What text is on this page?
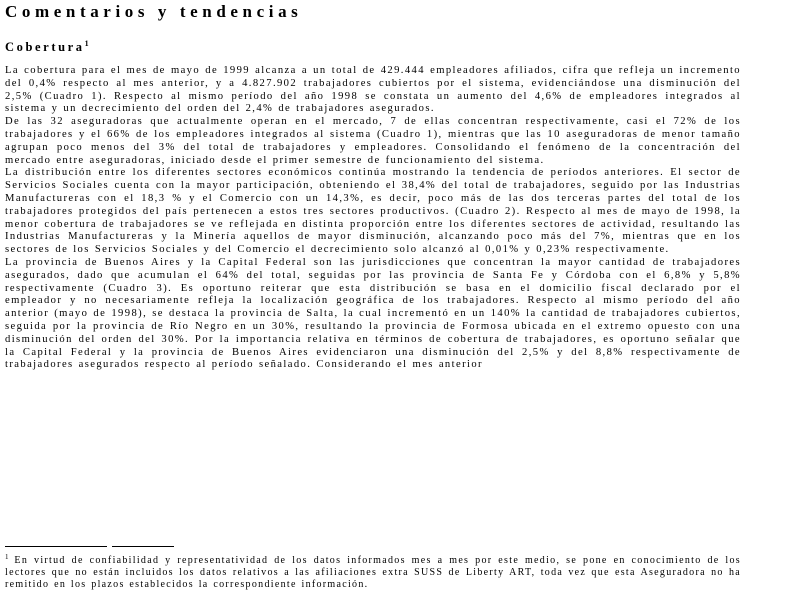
Comentarios y tendencias
Cobertura$^1$

La cobertura para el mes de mayo de 1999 alcanza a un total de 429.444 empleadores afiliados, cifra que refleja un incremento del 0,4% respecto al mes anterior, y a 4.827.902 trabajadores cubiertos por el sistema, evidenciándose una disminución del 2,5% (Cuadro 1). Respecto al mismo período del año 1998 se constata un aumento del 4,6% de empleadores integrados al sistema y un decrecimiento del orden del 2,4% de trabajadores asegurados.

De las 32 aseguradoras que actualmente operan en el mercado, 7 de ellas concentran respectivamente, casi el 72% de los trabajadores y el 66% de los empleadores integrados al sistema (Cuadro 1), mientras que las 10 aseguradoras de menor tamaño agrupan poco menos del 3% del total de trabajadores y empleadores. Consolidando el fenómeno de la concentración del mercado entre aseguradoras, iniciado desde el primer semestre de funcionamiento del sistema.

La distribución entre los diferentes sectores económicos continúa mostrando la tendencia de períodos anteriores. El sector de Servicios Sociales cuenta con la mayor participación, obteniendo el 38,4% del total de trabajadores, seguido por las Industrias Manufactureras con el 18,3 % y el Comercio con un 14,3%, es decir, poco más de las dos terceras partes del total de los trabajadores protegidos del país pertenecen a estos tres sectores productivos. (Cuadro 2). Respecto al mes de mayo de 1998, la menor cobertura de trabajadores se ve reflejada en distinta proporción entre los diferentes sectores de actividad, resultando las Industrias Manufactureras y la Minería aquellos de mayor disminución, alcanzando poco más del 7%, mientras que en los sectores de los Servicios Sociales y del Comercio el decrecimiento solo alcanzó al 0,01% y 0,23% respectivamente.

La provincia de Buenos Aires y la Capital Federal son las jurisdicciones que concentran la mayor cantidad de trabajadores asegurados, dado que acumulan el 64% del total, seguidas por las provincia de Santa Fe y Córdoba con el 6,8% y 5,8% respectivamente (Cuadro 3). Es oportuno reiterar que esta distribución se basa en el domicilio fiscal declarado por el empleador y no necesariamente refleja la localización geográfica de los trabajadores. Respecto al mismo período del año anterior (mayo de 1998), se destaca la provincia de Salta, la cual incrementó en un 140% la cantidad de trabajadores cubiertos, seguida por la provincia de Río Negro en un 30%, resultando la provincia de Formosa ubicada en el extremo opuesto con una disminución del orden del 30%. Por la importancia relativa en términos de cobertura de trabajadores, es oportuno señalar que la Capital Federal y la provincia de Buenos Aires evidenciaron una disminución del 2,5% y del 8,8% respectivamente de trabajadores asegurados respecto al período señalado. Considerando el mes anterior

$^1$ En virtud de confiabilidad y representatividad de los datos informados mes a mes por este medio, se pone en conocimiento de los lectores que no están incluidos los datos relativos a las afiliaciones extra SUSS de Liberty ART, toda vez que esta Aseguradora no ha remitido en los plazos establecidos la correspondiente información.
